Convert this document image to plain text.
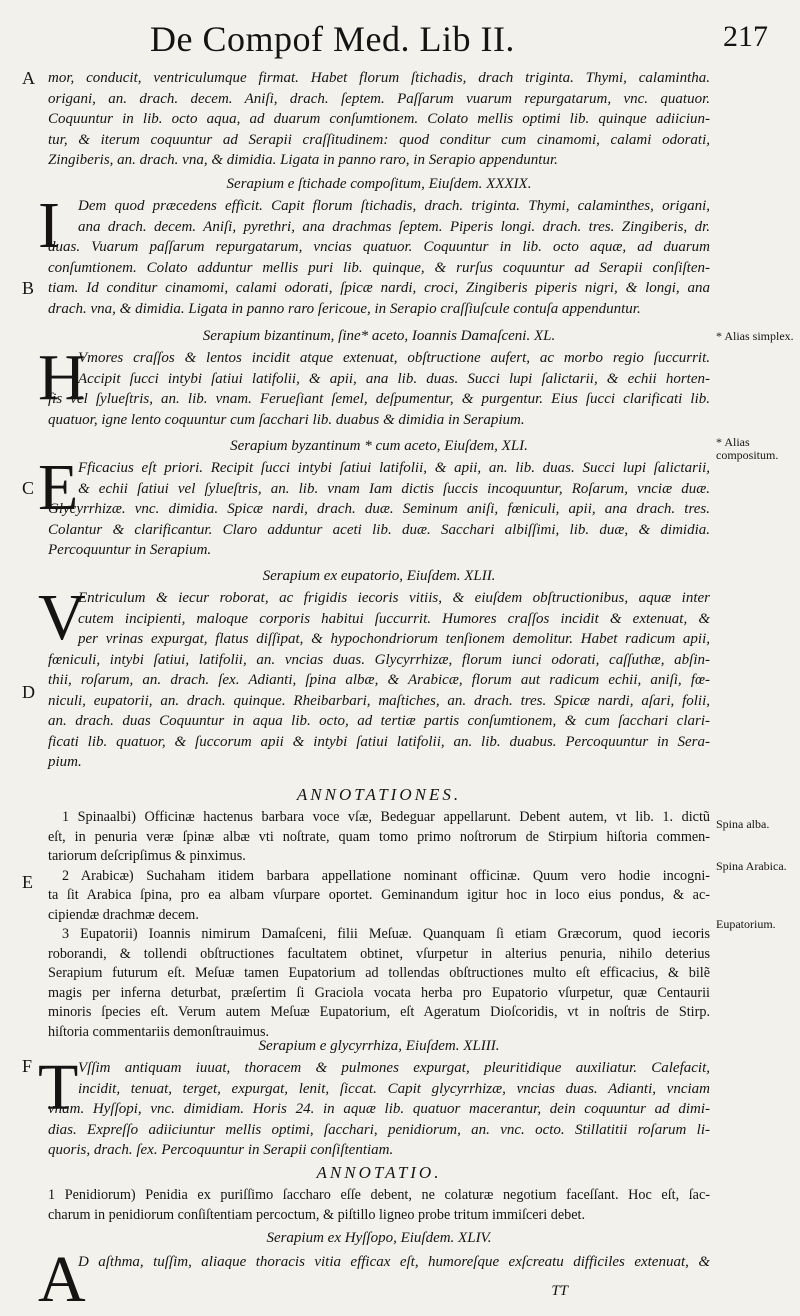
De Compof Med. Lib II.	217
A
B
C
D
E
F
* Alias simplex.
* Alias compositum.
Spina alba.
Spina Arabica.
Eupatorium.
mor, conducit, ventriculumque firmat. Habet florum ſtichadis, drach triginta. Thymi, calamintha.
origani, an. drach. decem. Aniſi, drach. ſeptem. Paſſarum vuarum repurgatarum, vnc. quatuor.
Coquuntur in lib. octo aqua, ad duarum conſumtionem. Colato mellis optimi lib. quinque adiiciun-
tur, & iterum coquuntur ad Serapii craſſitudinem: quod conditur cum cinamomi, calami odorati,
Zingiberis, an. drach. vna, & dimidia. Ligata in panno raro, in Serapio appenduntur.
Serapium e ſtichade compoſitum, Eiuſdem. XXXIX.
I	Dem quod præcedens efficit. Capit florum ſtichadis, drach. triginta. Thymi, calaminthes, origani,
ana drach. decem. Aniſi, pyrethri, ana drachmas ſeptem. Piperis longi. drach. tres. Zingiberis, dr.
duas. Vuarum paſſarum repurgatarum, vncias quatuor. Coquuntur in lib. octo aquæ, ad duarum
conſumtionem. Colato adduntur mellis puri lib. quinque, & rurſus coquuntur ad Serapii conſiſten-
tiam. Id conditur cinamomi, calami odorati, ſpicæ nardi, croci, Zingiberis piperis nigri, & longi, ana
drach. vna, & dimidia. Ligata in panno raro ſericoue, in Serapio craſſiuſcule contuſa appenduntur.
Serapium bizantinum, ſine* aceto, Ioannis Damaſceni. XL.
H
Vmores craſſos & lentos incidit atque extenuat, obſtructione aufert, ac morbo regio ſuccurrit.
Accipit ſucci intybi ſatiui latifolii, & apii, ana lib. duas. Succi lupi ſalictarii, & echii horten-
ſis vel ſylueſtris, an. lib. vnam. Ferueſiant ſemel, deſpumentur, & purgentur. Eius ſucci clarificati lib.
quatuor, igne lento coquuntur cum ſacchari lib. duabus & dimidia in Serapium.
Serapium byzantinum * cum aceto, Eiuſdem, XLI.
E Fficacius eſt priori. Recipit ſucci intybi ſatiui latifolii, & apii, an. lib. duas. Succi lupi ſalictarii,
& echii ſatiui vel ſylueſtris, an. lib. vnam Iam dictis ſuccis incoquuntur, Roſarum, vnciæ duæ.
Glycyrrhizæ. vnc. dimidia. Spicæ nardi, drach. duæ. Seminum aniſi, fœniculi, apii, ana drach. tres.
Colantur & clarificantur. Claro adduntur aceti lib. duæ. Sacchari albiſſimi, lib. duæ, & dimidia.
Percoquuntur in Serapium.
Serapium ex eupatorio, Eiuſdem. XLII.
V
Entriculum & iecur roborat, ac frigidis iecoris vitiis, & eiuſdem obſtructionibus, aquæ inter
cutem incipienti, maloque corporis habitui ſuccurrit. Humores craſſos incidit & extenuat, &
per vrinas expurgat, flatus diſſipat, & hypochondriorum tenſionem demolitur. Habet radicum apii,
fœniculi, intybi ſatiui, latifolii, an. vncias duas. Glycyrrhizæ, florum iunci odorati, caſſuthæ, abſin-
thii, roſarum, an. drach. ſex. Adianti, ſpina albæ, & Arabicæ, florum aut radicum echii, aniſi, fœ-
niculi, eupatorii, an. drach. quinque. Rheibarbari, maſtiches, an. drach. tres. Spicæ nardi, aſari, folii,
an. drach. duas Coquuntur in aqua lib. octo, ad tertiæ partis conſumtionem, & cum ſacchari clari-
ficati lib. quatuor, & ſuccorum apii & intybi ſatiui latifolii, an. lib. duabus. Percoquuntur in Sera-
pium.
ANNOTATIONES.
1 Spinaalbi) Officinæ hactenus barbara voce vſæ, Bedeguar appellarunt. Debent autem, vt lib. 1. dictũ
eſt, in penuria veræ ſpinæ albæ vti noſtrate, quam tomo primo noſtrorum de Stirpium hiſtoria commen-
tariorum deſcripſimus & pinximus.
2 Arabicæ) Suchaham itidem barbara appellatione nominant officinæ. Quum vero hodie incogni-
ta ſit Arabica ſpina, pro ea albam vſurpare oportet. Geminandum igitur hoc in loco eius pondus, & ac-
cipiendæ drachmæ decem.
3 Eupatorii) Ioannis nimirum Damaſceni, filii Meſuæ. Quanquam ſi etiam Græcorum, quod iecoris
roborandi, & tollendi obſtructiones facultatem obtinet, vſurpetur in alterius penuria, nihilo deterius
Serapium futurum eſt. Meſuæ tamen Eupatorium ad tollendas obſtructiones multo eſt efficacius, & bilẽ
magis per inferna deturbat, præſertim ſi Graciola vocata herba pro Eupatorio vſurpetur, quæ Centaurii
minoris ſpecies eſt. Verum autem Meſuæ Eupatorium, eſt Ageratum Dioſcoridis, vt in noſtris de Stirp.
hiſtoria commentariis demonſtrauimus.
Serapium e glycyrrhiza, Eiuſdem. XLIII.
T Vſſim antiquam iuuat, thoracem & pulmones expurgat, pleuritidique auxiliatur. Calefacit,
incidit, tenuat, terget, expurgat, lenit, ſiccat. Capit glycyrrhizæ, vncias duas. Adianti, vnciam
vnam. Hyſſopi, vnc. dimidiam. Horis 24. in aquæ lib. quatuor macerantur, dein coquuntur ad dimi-
dias. Expreſſo adiiciuntur mellis optimi, ſacchari, penidiorum, an. vnc. octo. Stillatitii roſarum li-
quoris, drach. ſex. Percoquuntur in Serapii conſiſtentiam.
ANNOTATIO.
1 Penidiorum) Penidia ex puriſſimo ſaccharo eſſe debent, ne colaturæ negotium faceſſant. Hoc eſt, ſac-
charum in penidiorum conſiſtentiam percoctum, & piſtillo ligneo probe tritum immiſceri debet.
Serapium ex Hyſſopo, Eiuſdem. XLIV.
A
D aſthma, tuſſim, aliaque thoracis vitia efficax eſt, humoreſque exſcreatu difficiles extenuat, &
TT
